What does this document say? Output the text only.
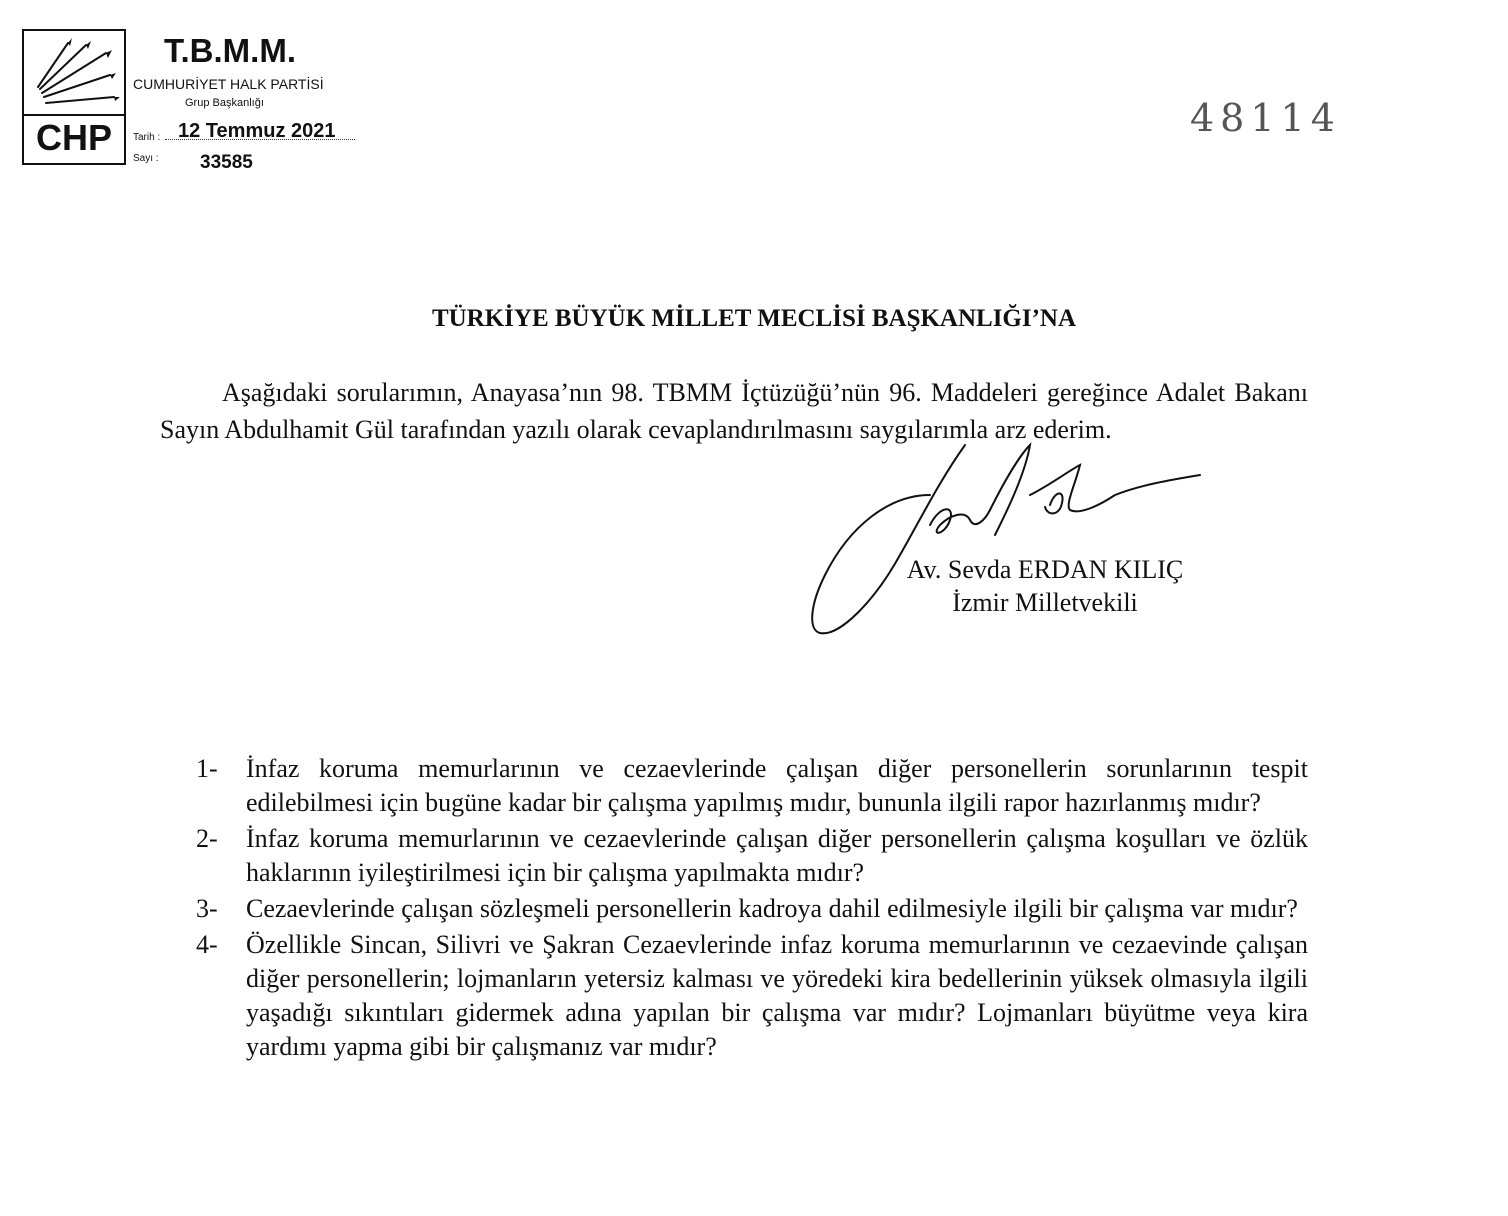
CHP
T.B.M.M.
CUMHURİYET HALK PARTİSİ
Grup Başkanlığı
Tarih : 12 Temmuz 2021
Sayı : 33585
48114
TÜRKİYE BÜYÜK MİLLET MECLİSİ BAŞKANLIĞI’NA
Aşağıdaki sorularımın, Anayasa’nın 98. TBMM İçtüzüğü’nün 96. Maddeleri gereğince Adalet Bakanı Sayın Abdulhamit Gül tarafından yazılı olarak cevaplandırılmasını saygılarımla arz ederim.
Av. Sevda ERDAN KILIÇ
İzmir Milletvekili
1-	İnfaz koruma memurlarının ve cezaevlerinde çalışan diğer personellerin sorunlarının tespit edilebilmesi için bugüne kadar bir çalışma yapılmış mıdır, bununla ilgili rapor hazırlanmış mıdır?
2-	İnfaz koruma memurlarının ve cezaevlerinde çalışan diğer personellerin çalışma koşulları ve özlük haklarının iyileştirilmesi için bir çalışma yapılmakta mıdır?
3-	Cezaevlerinde çalışan sözleşmeli personellerin kadroya dahil edilmesiyle ilgili bir çalışma var mıdır?
4-	Özellikle Sincan, Silivri ve Şakran Cezaevlerinde infaz koruma memurlarının ve cezaevinde çalışan diğer personellerin; lojmanların yetersiz kalması ve yöredeki kira bedellerinin yüksek olmasıyla ilgili yaşadığı sıkıntıları gidermek adına yapılan bir çalışma var mıdır? Lojmanları büyütme veya kira yardımı yapma gibi bir çalışmanız var mıdır?
